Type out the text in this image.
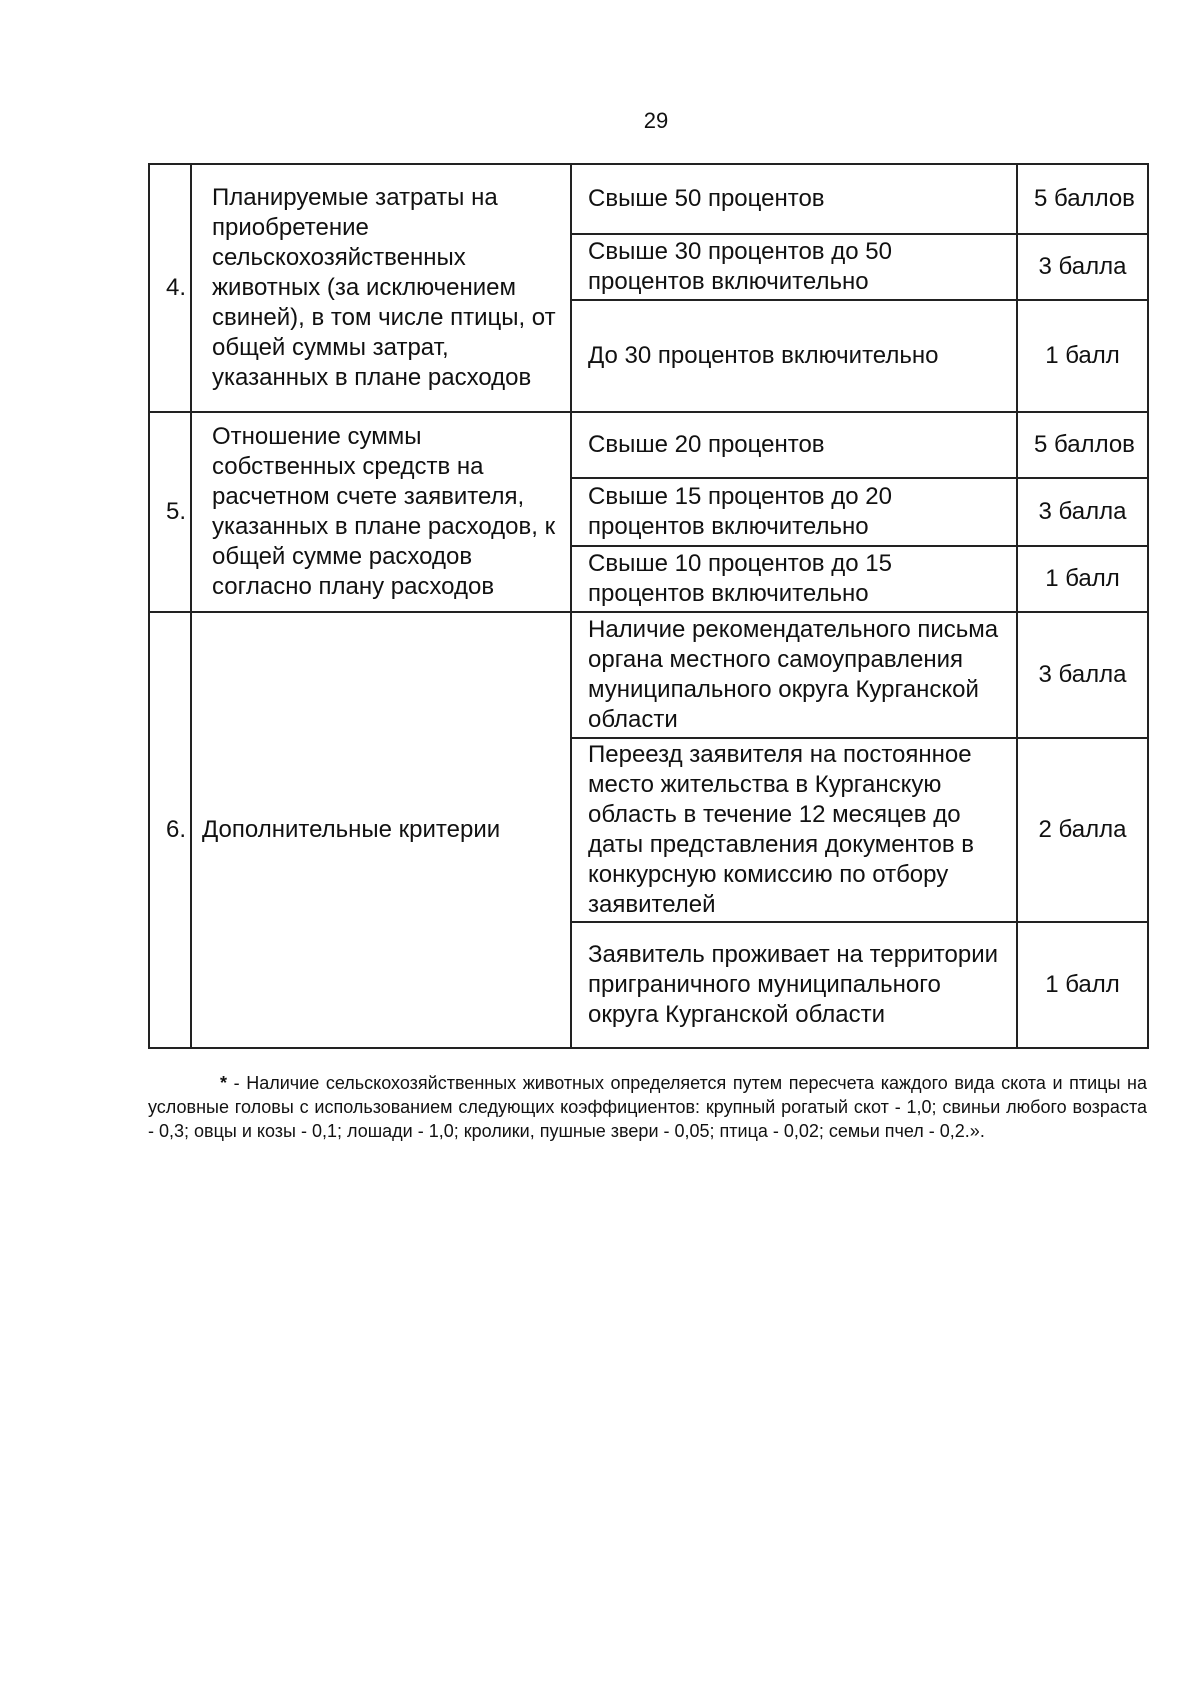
29
4.	Планируемые затраты на приобретение сельскохозяйственных животных (за исключением свиней), в том числе птицы, от общей суммы затрат, указанных в плане расходов	Свыше 50 процентов	5 баллов
		Свыше 30 процентов до 50 процентов включительно	3 балла
		До 30 процентов включительно	1 балл
5.	Отношение суммы собственных средств на расчетном счете заявителя, указанных в плане расходов, к общей сумме расходов согласно плану расходов	Свыше 20 процентов	5 баллов
		Свыше 15 процентов до 20 процентов включительно	3 балла
		Свыше 10 процентов до 15 процентов включительно	1 балл
6.	Дополнительные критерии	Наличие рекомендательного письма органа местного самоуправления муниципального округа Курганской области	3 балла
		Переезд заявителя на постоянное место жительства в Курганскую область в течение 12 месяцев до даты представления документов в конкурсную комиссию по отбору заявителей	2 балла
		Заявитель проживает на территории приграничного муниципального округа Курганской области	1 балл
* - Наличие сельскохозяйственных животных определяется путем пересчета каждого вида скота и птицы на условные головы с использованием следующих коэффициентов: крупный рогатый скот - 1,0; свиньи любого возраста - 0,3; овцы и козы - 0,1; лошади - 1,0; кролики, пушные звери - 0,05; птица - 0,02; семьи пчел - 0,2.».
